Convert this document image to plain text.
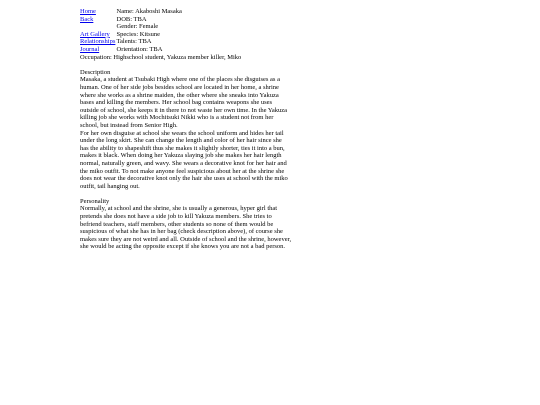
Home
Back
Art Gallery
Relationships
Journal
Name: Akaboshi Masaka
DOB: TBA
Gender: Female
Species: Kitsune
Talents: TBA
Orientation: TBA
Occupation: Highschool student, Yakuza member killer, Miko
Description

Masaka, a student at Tsubaki High where one of the places she disguises as a human. One of her side jobs besides school are located in her home, a shrine where she works as a shrine maiden, the other where she sneaks into Yakuza bases and killing the members. Her school bag contains weapons she uses outside of school, she keeps it in there to not waste her own time. In the Yakuza killing job she works with Mochitsuki Nikki who is a student not from her school, but instead from Senior High.

For her own disguise at school she wears the school uniform and hides her tail under the long skirt. She can change the length and color of her hair since she has the ability to shapeshift thus she makes it slightly shorter, ties it into a bun, makes it black. When doing her Yakuza slaying job she makes her hair length normal, naturally green, and wavy. She wears a decorative knot for her hair and the miko outfit. To not make anyone feel suspicious about her at the shrine she does not wear the decorative knot only the hair she uses at school with the miko outfit, tail hanging out.

Personality

Normally, at school and the shrine, she is usually a generous, hyper girl that pretends she does not have a side job to kill Yakuza members. She tries to befriend teachers, staff members, other students so none of them would be suspicious of what she has in her bag (check description above), of course she makes sure they are not weird and all. Outside of school and the shrine, however, she would be acting the opposite except if she knows you are not a bad person.
